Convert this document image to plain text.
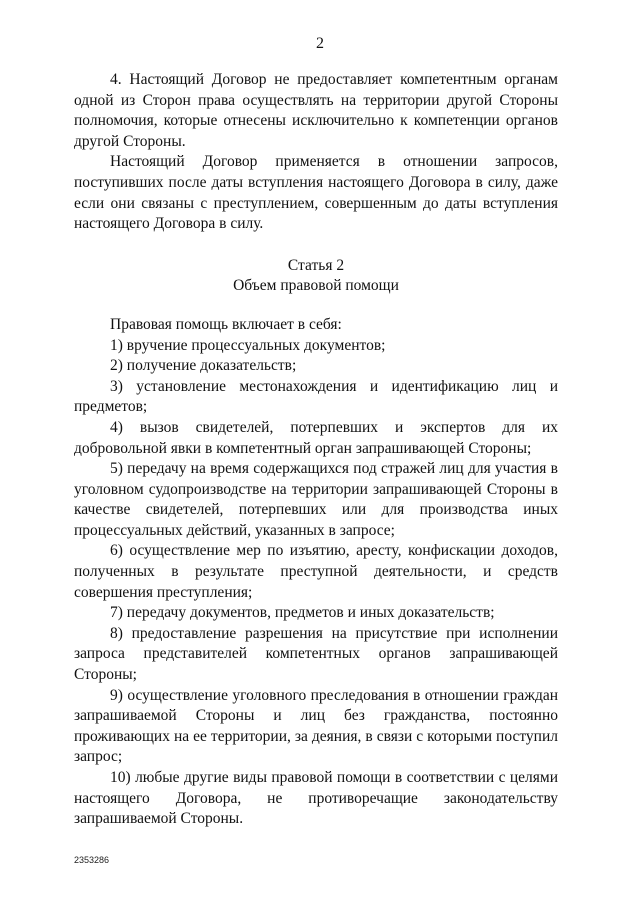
2

4. Настоящий Договор не предоставляет компетентным органам одной из Сторон права осуществлять на территории другой Стороны полномочия, которые отнесены исключительно к компетенции органов другой Стороны.

Настоящий Договор применяется в отношении запросов, поступивших после даты вступления настоящего Договора в силу, даже если они связаны с преступлением, совершенным до даты вступления настоящего Договора в силу.

Статья 2
Объем правовой помощи

Правовая помощь включает в себя:

1) вручение процессуальных документов;

2) получение доказательств;

3) установление местонахождения и идентификацию лиц и предметов;

4) вызов свидетелей, потерпевших и экспертов для их добровольной явки в компетентный орган запрашивающей Стороны;

5) передачу на время содержащихся под стражей лиц для участия в уголовном судопроизводстве на территории запрашивающей Стороны в качестве свидетелей, потерпевших или для производства иных процессуальных действий, указанных в запросе;

6) осуществление мер по изъятию, аресту, конфискации доходов, полученных в результате преступной деятельности, и средств совершения преступления;

7) передачу документов, предметов и иных доказательств;

8) предоставление разрешения на присутствие при исполнении запроса представителей компетентных органов запрашивающей Стороны;

9) осуществление уголовного преследования в отношении граждан запрашиваемой Стороны и лиц без гражданства, постоянно проживающих на ее территории, за деяния, в связи с которыми поступил запрос;

10) любые другие виды правовой помощи в соответствии с целями настоящего Договора, не противоречащие законодательству запрашиваемой Стороны.

2353286
